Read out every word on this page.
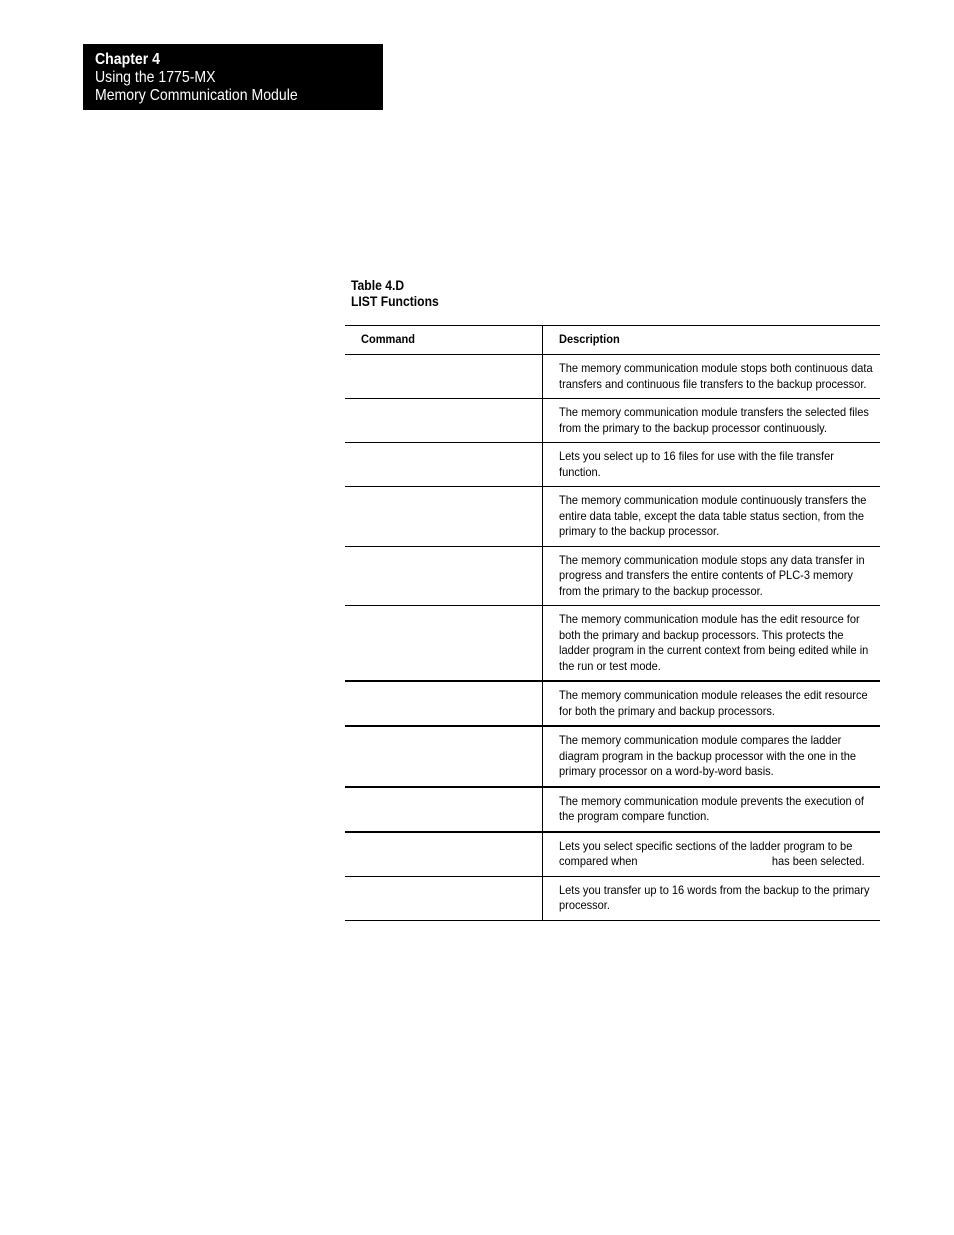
Chapter 4
Using the 1775-MX
Memory Communication Module
Table 4.D
LIST Functions
Command	Description
	The memory communication module stops both continuous data transfers and continuous file transfers to the backup processor.
	The memory communication module transfers the selected files from the primary to the backup processor continuously.
	Lets you select up to 16 files for use with the file transfer function.
	The memory communication module continuously transfers the entire data table, except the data table status section, from the primary to the backup processor.
	The memory communication module stops any data transfer in progress and transfers the entire contents of PLC-3 memory from the primary to the backup processor.
	The memory communication module has the edit resource for both the primary and backup processors. This protects the ladder program in the current context from being edited while in the run or test mode.
	The memory communication module releases the edit resource for both the primary and backup processors.
	The memory communication module compares the ladder diagram program in the backup processor with the one in the primary processor on a word-by-word basis.
	The memory communication module prevents the execution of the program compare function.
	Lets you select specific sections of the ladder program to be compared when has been selected.
	Lets you transfer up to 16 words from the backup to the primary processor.
